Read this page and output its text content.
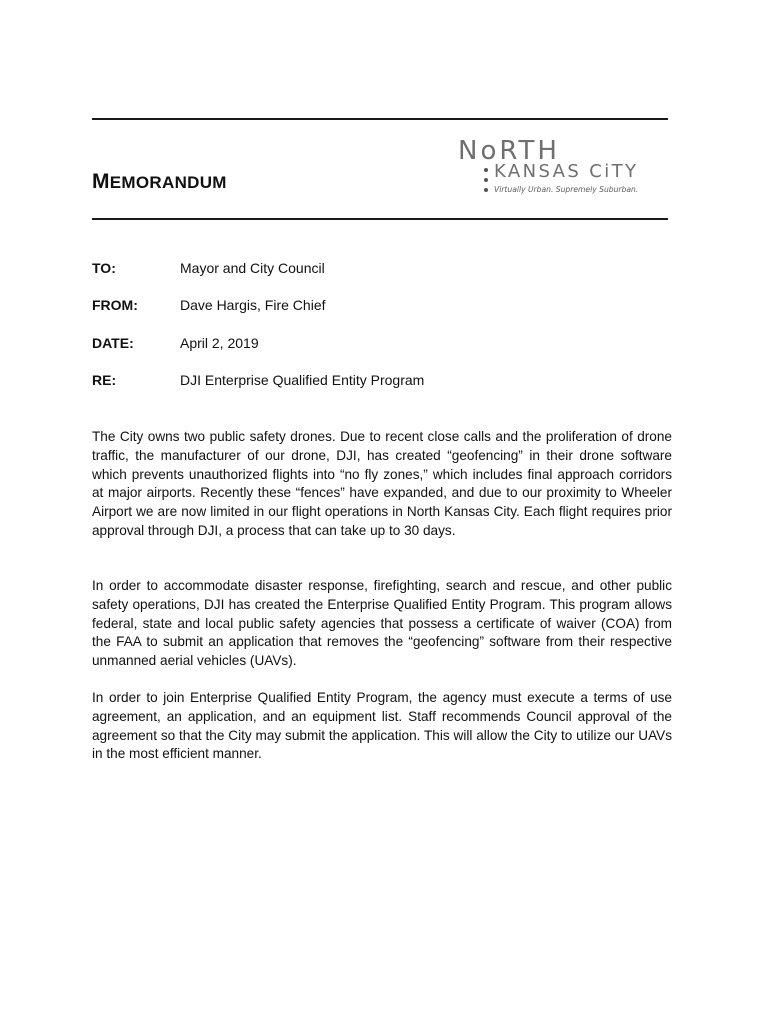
MEMORANDUM
NoRTH
KANSAS CiTY
Virtually Urban. Supremely Suburban.
TO:	Mayor and City Council
FROM:	Dave Hargis, Fire Chief
DATE:	April 2, 2019
RE:	DJI Enterprise Qualified Entity Program

The City owns two public safety drones. Due to recent close calls and the proliferation of drone traffic, the manufacturer of our drone, DJI, has created “geofencing” in their drone software which prevents unauthorized flights into “no fly zones,” which includes final approach corridors at major airports. Recently these “fences” have expanded, and due to our proximity to Wheeler Airport we are now limited in our flight operations in North Kansas City. Each flight requires prior approval through DJI, a process that can take up to 30 days.

In order to accommodate disaster response, firefighting, search and rescue, and other public safety operations, DJI has created the Enterprise Qualified Entity Program. This program allows federal, state and local public safety agencies that possess a certificate of waiver (COA) from the FAA to submit an application that removes the “geofencing” software from their respective unmanned aerial vehicles (UAVs).

In order to join Enterprise Qualified Entity Program, the agency must execute a terms of use agreement, an application, and an equipment list. Staff recommends Council approval of the agreement so that the City may submit the application. This will allow the City to utilize our UAVs in the most efficient manner.
